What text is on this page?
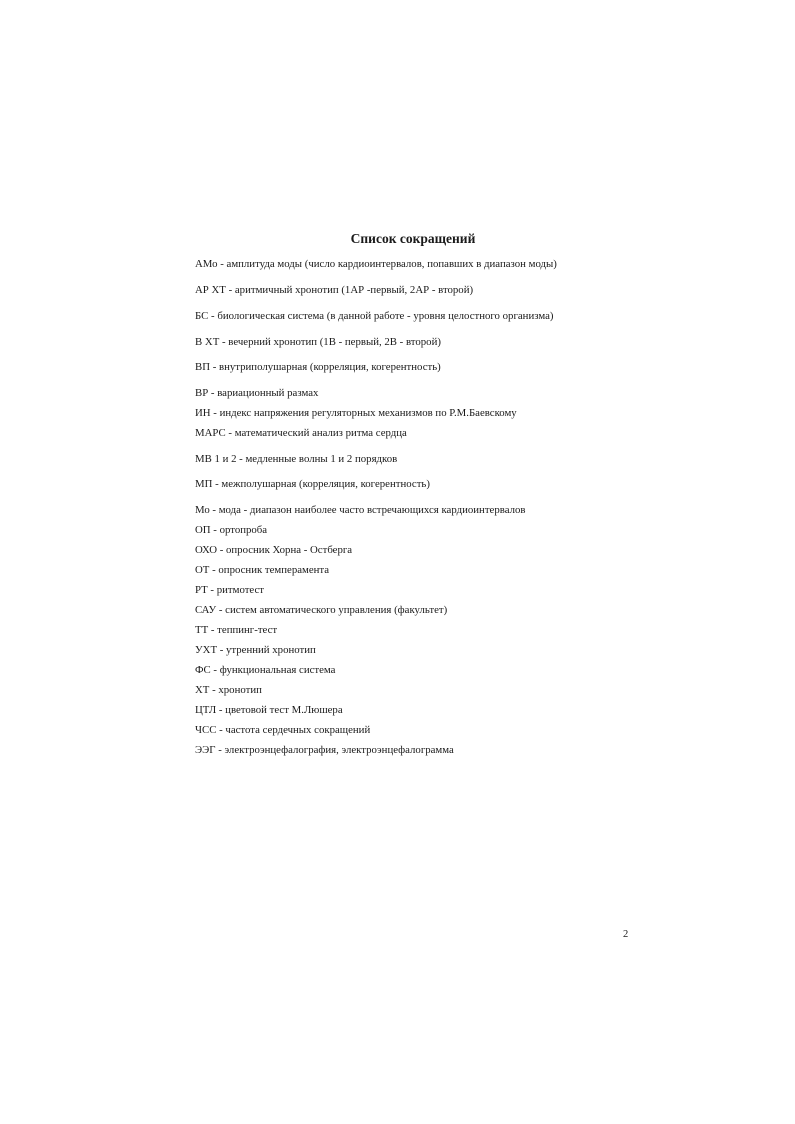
Список сокращений
АМо - амплитуда моды (число кардиоинтервалов, попавших в диапазон моды)
АР ХТ - аритмичный хронотип (1АР -первый, 2АР - второй)
БС - биологическая система (в данной работе - уровня целостного организма)
В ХТ - вечерний хронотип (1В - первый, 2В - второй)
ВП - внутриполушарная (корреляция, когерентность)
ВР - вариационный размах
ИН - индекс напряжения регуляторных механизмов по Р.М.Баевскому
МАРС - математический анализ ритма сердца
МВ 1 и 2 - медленные волны 1 и 2 порядков
МП - межполушарная (корреляция, когерентность)
Мо - мода - диапазон наиболее часто встречающихся кардиоинтервалов
ОП - ортопроба
ОХО - опросник Хорна - Остберга
ОТ - опросник темперамента
РТ - ритмотест
САУ - систем автоматического управления (факультет)
ТТ - теппинг-тест
УХТ - утренний хронотип
ФС - функциональная система
ХТ - хронотип
ЦТЛ - цветовой тест М.Люшера
ЧСС - частота сердечных сокращений
ЭЭГ - электроэнцефалография, электроэнцефалограмма
2
